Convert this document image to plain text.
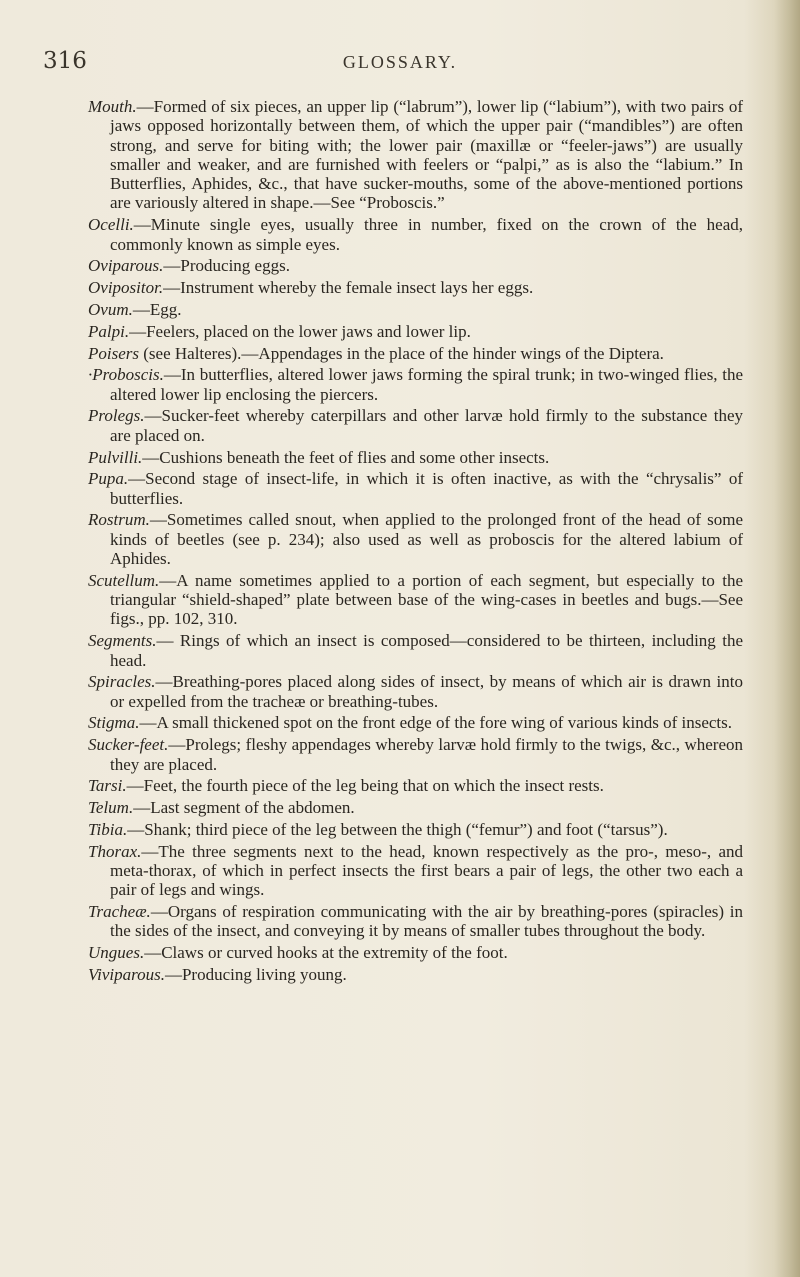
316	GLOSSARY.

Mouth.—Formed of six pieces, an upper lip (“labrum”), lower lip (“labium”), with two pairs of jaws opposed horizontally between them, of which the upper pair (“mandibles”) are often strong, and serve for biting with; the lower pair (maxillæ or “feeler-jaws”) are usually smaller and weaker, and are furnished with feelers or “palpi,” as is also the “labium.” In Butterflies, Aphides, &c., that have sucker-mouths, some of the above-mentioned portions are variously altered in shape.—See “Proboscis.”

Ocelli.—Minute single eyes, usually three in number, fixed on the crown of the head, commonly known as simple eyes.

Oviparous.—Producing eggs.

Ovipositor.—Instrument whereby the female insect lays her eggs.

Ovum.—Egg.

Palpi.—Feelers, placed on the lower jaws and lower lip.

Poisers (see Halteres).—Appendages in the place of the hinder wings of the Diptera.

·Proboscis.—In butterflies, altered lower jaws forming the spiral trunk; in two-winged flies, the altered lower lip enclosing the piercers.

Prolegs.—Sucker-feet whereby caterpillars and other larvæ hold firmly to the substance they are placed on.

Pulvilli.—Cushions beneath the feet of flies and some other insects.

Pupa.—Second stage of insect-life, in which it is often inactive, as with the “chrysalis” of butterflies.

Rostrum.—Sometimes called snout, when applied to the prolonged front of the head of some kinds of beetles (see p. 234); also used as well as proboscis for the altered labium of Aphides.

Scutellum.—A name sometimes applied to a portion of each segment, but especially to the triangular “shield-shaped” plate between base of the wing-cases in beetles and bugs.—See figs., pp. 102, 310.

Segments.— Rings of which an insect is composed—considered to be thirteen, including the head.

Spiracles.—Breathing-pores placed along sides of insect, by means of which air is drawn into or expelled from the tracheæ or breathing-tubes.

Stigma.—A small thickened spot on the front edge of the fore wing of various kinds of insects.

Sucker-feet.—Prolegs; fleshy appendages whereby larvæ hold firmly to the twigs, &c., whereon they are placed.

Tarsi.—Feet, the fourth piece of the leg being that on which the insect rests.

Telum.—Last segment of the abdomen.

Tibia.—Shank; third piece of the leg between the thigh (“femur”) and foot (“tarsus”).

Thorax.—The three segments next to the head, known respectively as the pro-, meso-, and meta-thorax, of which in perfect insects the first bears a pair of legs, the other two each a pair of legs and wings.

Tracheæ.—Organs of respiration communicating with the air by breathing-pores (spiracles) in the sides of the insect, and conveying it by means of smaller tubes throughout the body.

Ungues.—Claws or curved hooks at the extremity of the foot.

Viviparous.—Producing living young.
